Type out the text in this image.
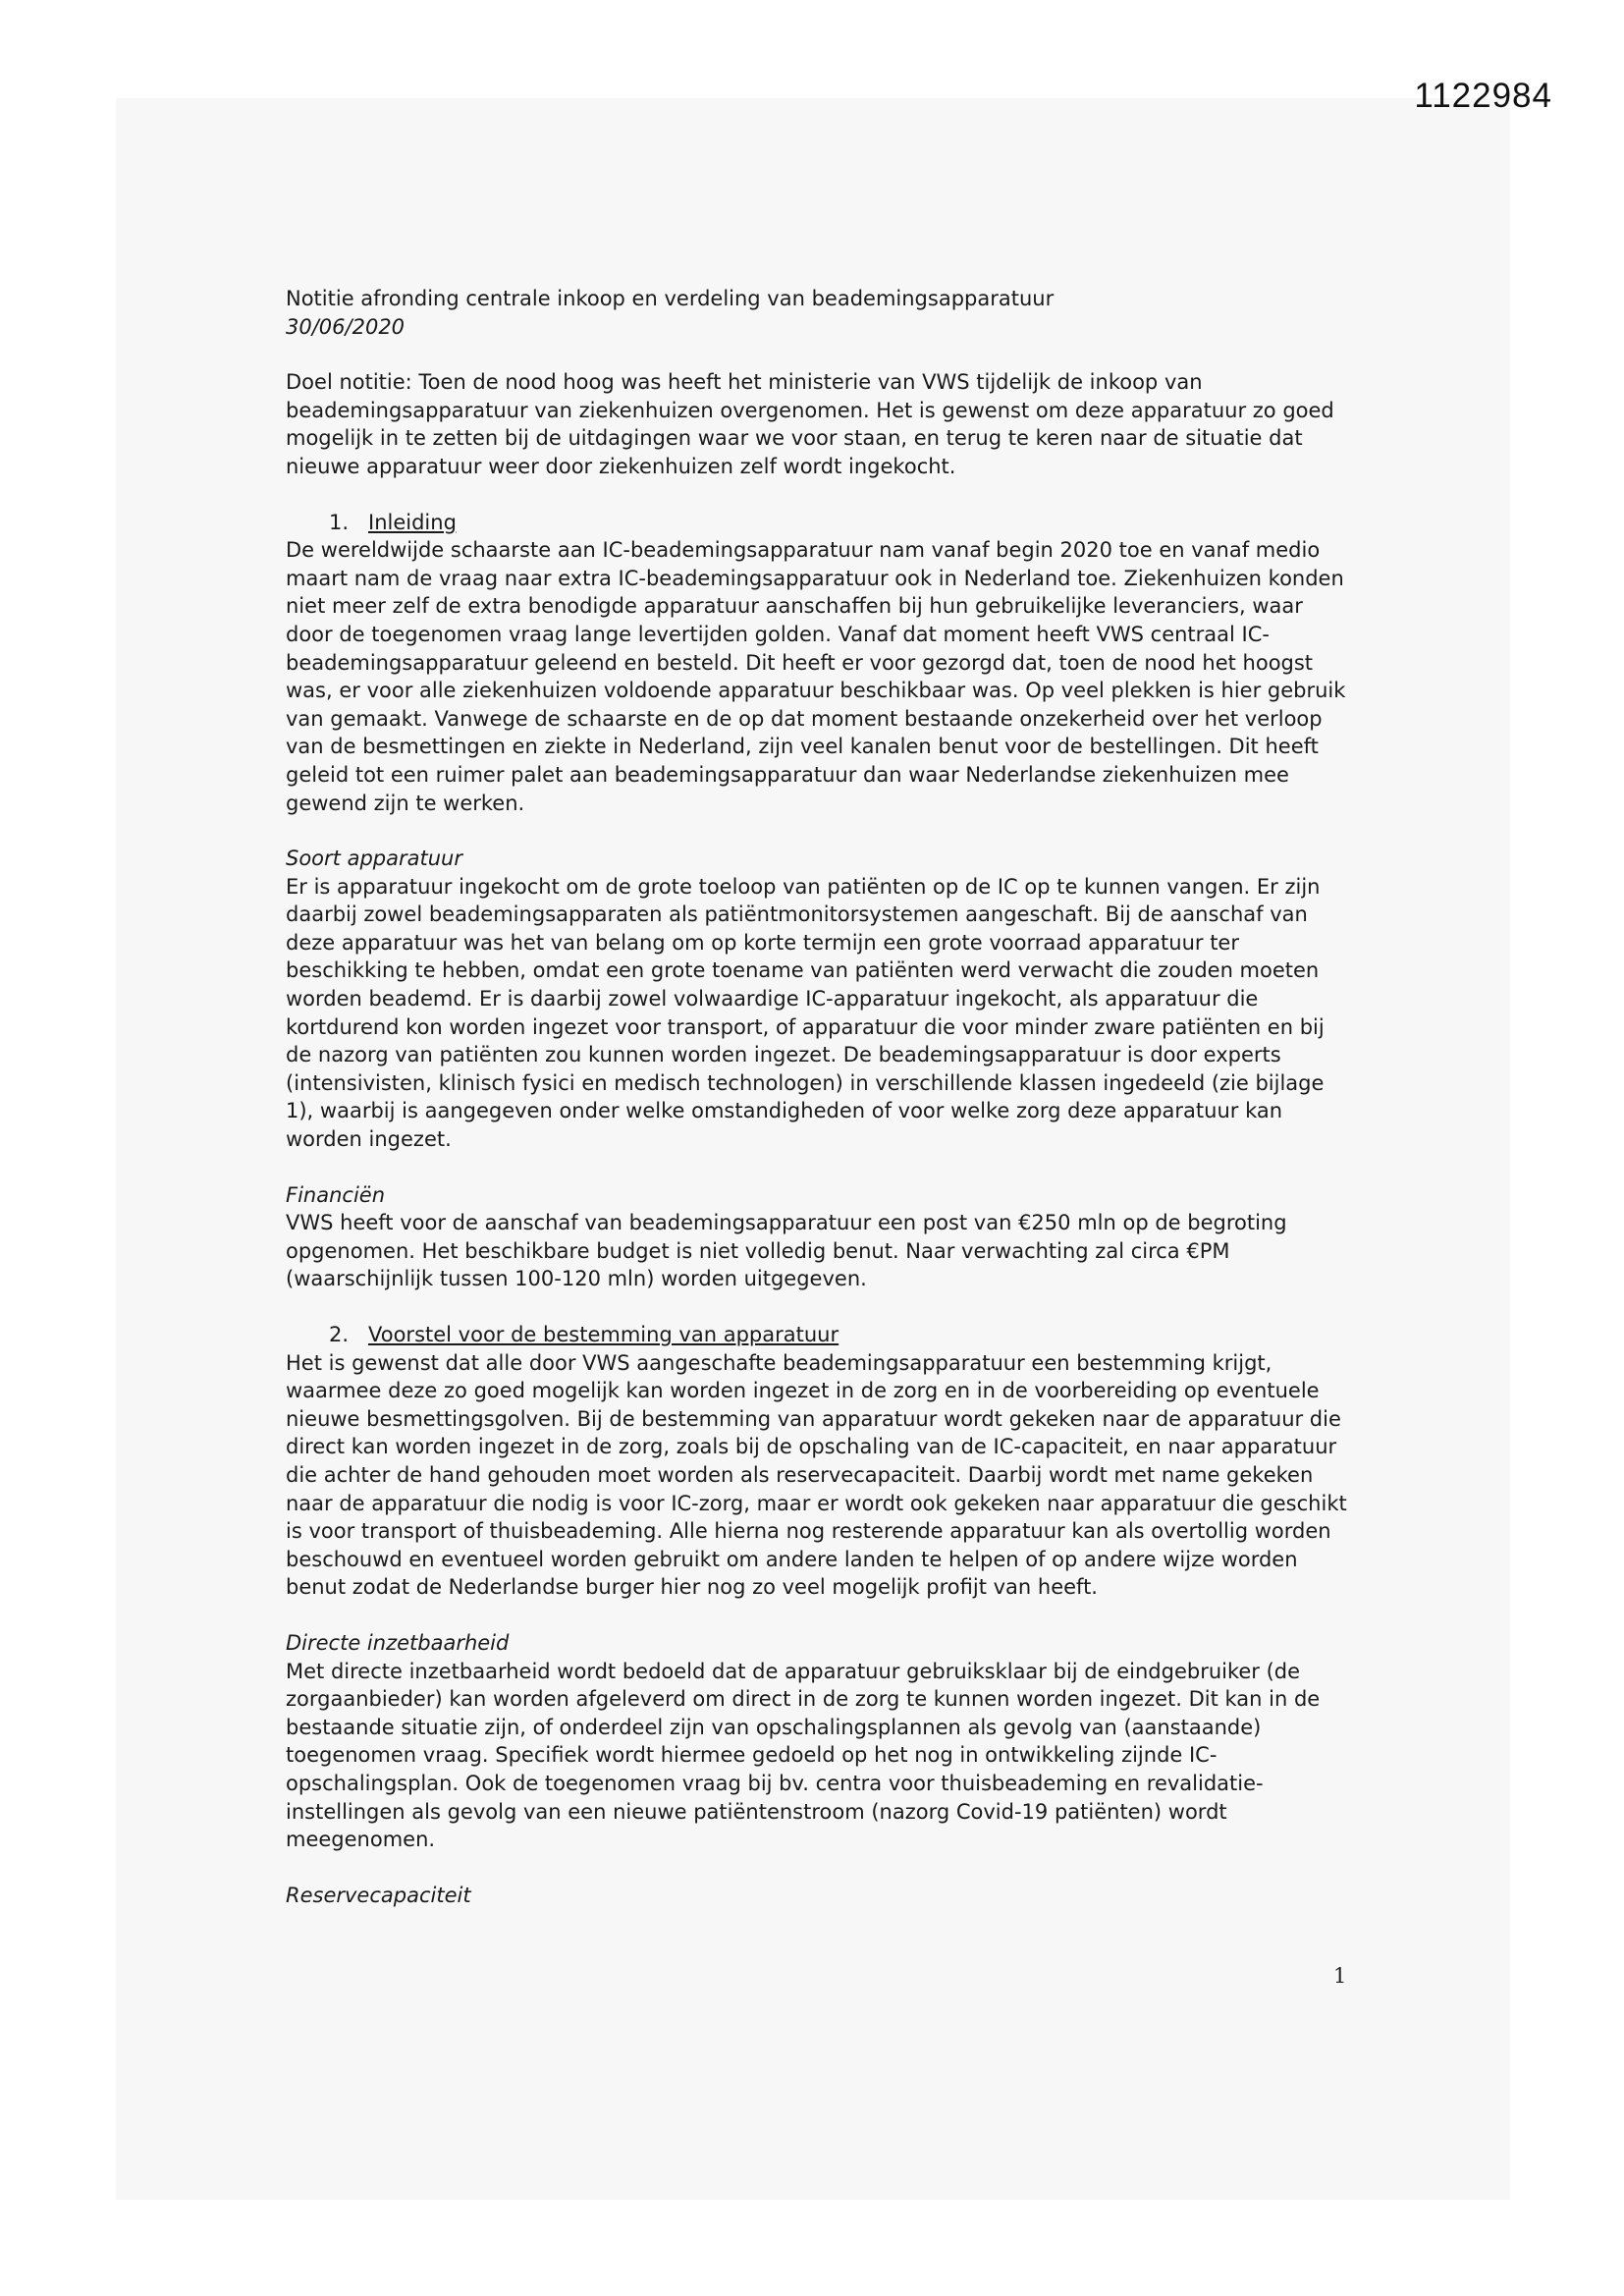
1122984

Notitie afronding centrale inkoop en verdeling van beademingsapparatuur

30/06/2020

Doel notitie: Toen de nood hoog was heeft het ministerie van VWS tijdelijk de inkoop van beademingsapparatuur van ziekenhuizen overgenomen. Het is gewenst om deze apparatuur zo goed mogelijk in te zetten bij de uitdagingen waar we voor staan, en terug te keren naar de situatie dat nieuwe apparatuur weer door ziekenhuizen zelf wordt ingekocht.

1. Inleiding

De wereldwijde schaarste aan IC-beademingsapparatuur nam vanaf begin 2020 toe en vanaf medio maart nam de vraag naar extra IC-beademingsapparatuur ook in Nederland toe. Ziekenhuizen konden niet meer zelf de extra benodigde apparatuur aanschaffen bij hun gebruikelijke leveranciers, waar door de toegenomen vraag lange levertijden golden. Vanaf dat moment heeft VWS centraal IC-beademingsapparatuur geleend en besteld. Dit heeft er voor gezorgd dat, toen de nood het hoogst was, er voor alle ziekenhuizen voldoende apparatuur beschikbaar was. Op veel plekken is hier gebruik van gemaakt. Vanwege de schaarste en de op dat moment bestaande onzekerheid over het verloop van de besmettingen en ziekte in Nederland, zijn veel kanalen benut voor de bestellingen. Dit heeft geleid tot een ruimer palet aan beademingsapparatuur dan waar Nederlandse ziekenhuizen mee gewend zijn te werken.

Soort apparatuur

Er is apparatuur ingekocht om de grote toeloop van patiënten op de IC op te kunnen vangen. Er zijn daarbij zowel beademingsapparaten als patiëntmonitorsystemen aangeschaft. Bij de aanschaf van deze apparatuur was het van belang om op korte termijn een grote voorraad apparatuur ter beschikking te hebben, omdat een grote toename van patiënten werd verwacht die zouden moeten worden beademd. Er is daarbij zowel volwaardige IC-apparatuur ingekocht, als apparatuur die kortdurend kon worden ingezet voor transport, of apparatuur die voor minder zware patiënten en bij de nazorg van patiënten zou kunnen worden ingezet. De beademingsapparatuur is door experts (intensivisten, klinisch fysici en medisch technologen) in verschillende klassen ingedeeld (zie bijlage 1), waarbij is aangegeven onder welke omstandigheden of voor welke zorg deze apparatuur kan worden ingezet.

Financiën

VWS heeft voor de aanschaf van beademingsapparatuur een post van €250 mln op de begroting opgenomen. Het beschikbare budget is niet volledig benut. Naar verwachting zal circa €PM (waarschijnlijk tussen 100-120 mln) worden uitgegeven.

2. Voorstel voor de bestemming van apparatuur

Het is gewenst dat alle door VWS aangeschafte beademingsapparatuur een bestemming krijgt, waarmee deze zo goed mogelijk kan worden ingezet in de zorg en in de voorbereiding op eventuele nieuwe besmettingsgolven. Bij de bestemming van apparatuur wordt gekeken naar de apparatuur die direct kan worden ingezet in de zorg, zoals bij de opschaling van de IC-capaciteit, en naar apparatuur die achter de hand gehouden moet worden als reservecapaciteit. Daarbij wordt met name gekeken naar de apparatuur die nodig is voor IC-zorg, maar er wordt ook gekeken naar apparatuur die geschikt is voor transport of thuisbeademing. Alle hierna nog resterende apparatuur kan als overtollig worden beschouwd en eventueel worden gebruikt om andere landen te helpen of op andere wijze worden benut zodat de Nederlandse burger hier nog zo veel mogelijk profijt van heeft.

Directe inzetbaarheid

Met directe inzetbaarheid wordt bedoeld dat de apparatuur gebruiksklaar bij de eindgebruiker (de zorgaanbieder) kan worden afgeleverd om direct in de zorg te kunnen worden ingezet. Dit kan in de bestaande situatie zijn, of onderdeel zijn van opschalingsplannen als gevolg van (aanstaande) toegenomen vraag. Specifiek wordt hiermee gedoeld op het nog in ontwikkeling zijnde IC-opschalingsplan. Ook de toegenomen vraag bij bv. centra voor thuisbeademing en revalidatie-instellingen als gevolg van een nieuwe patiëntenstroom (nazorg Covid-19 patiënten) wordt meegenomen.

Reservecapaciteit

1
